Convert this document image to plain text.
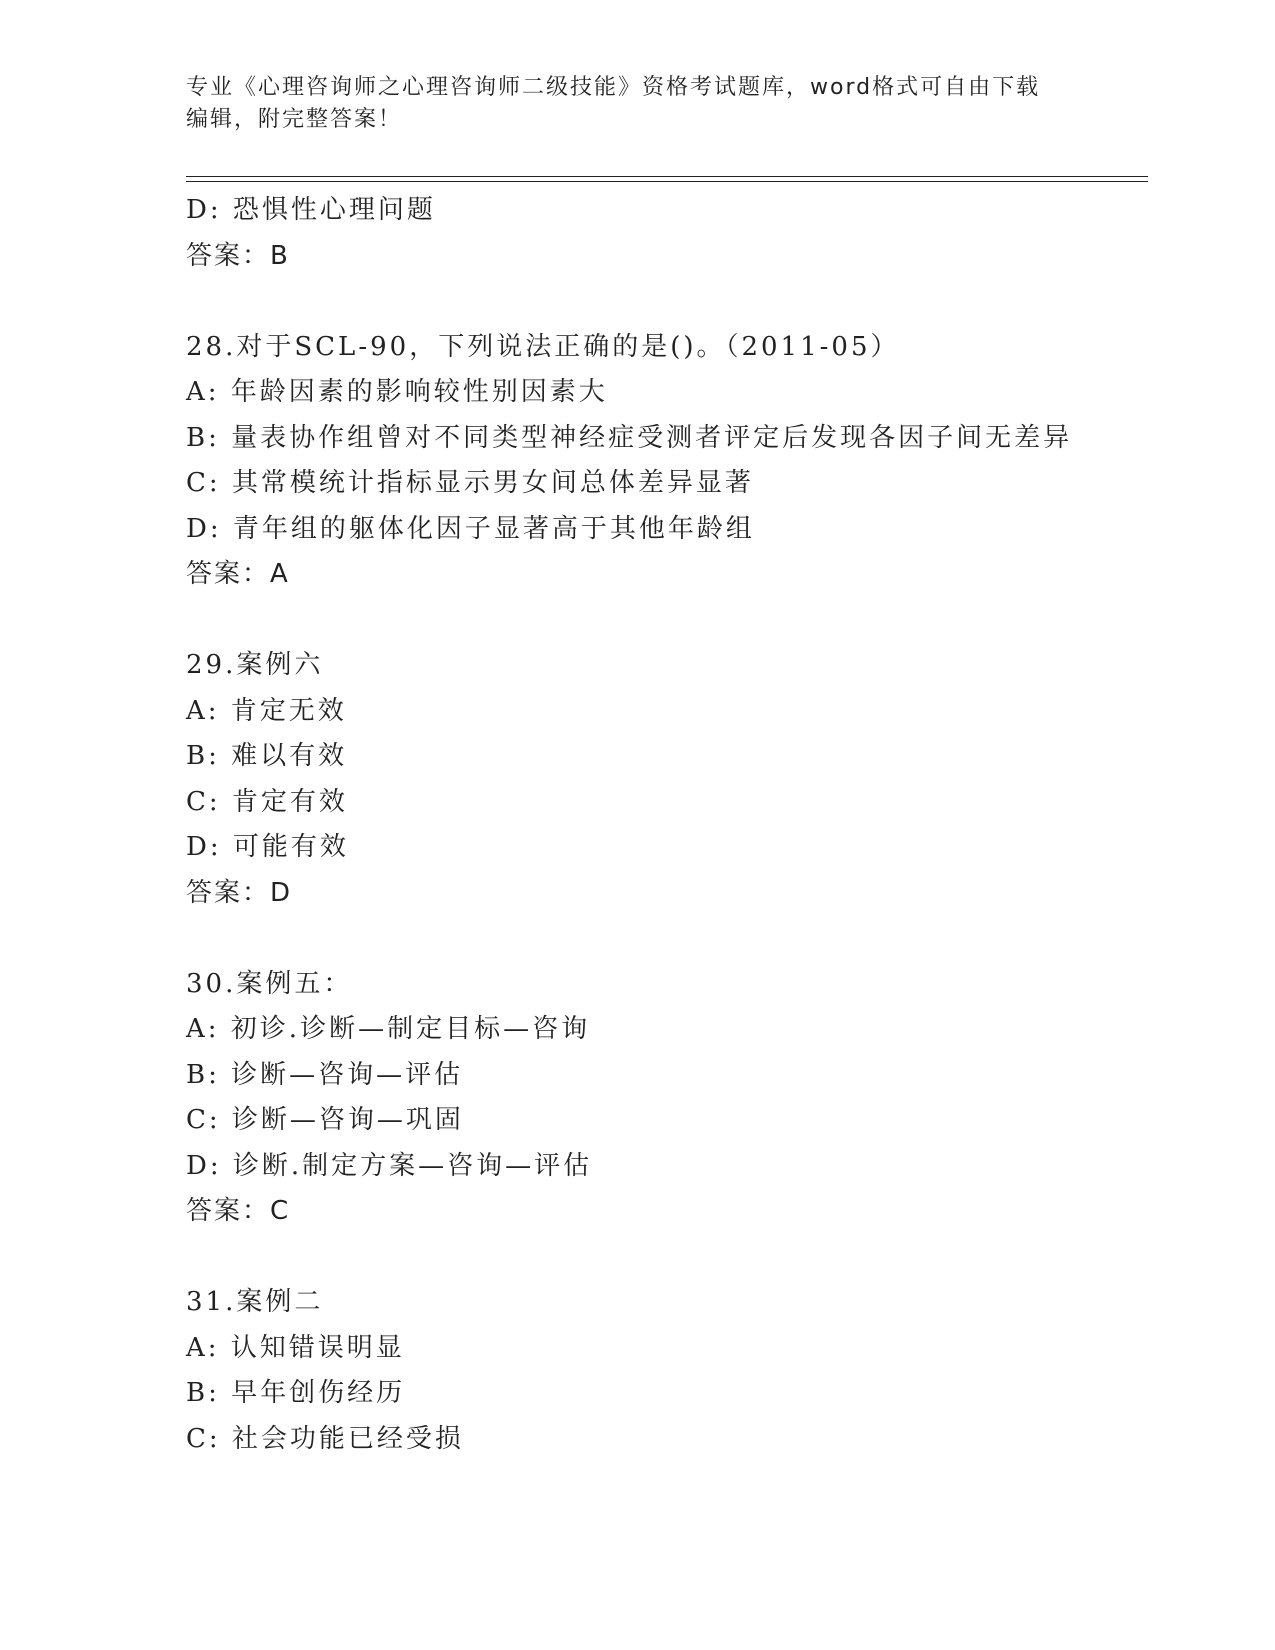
专业《心理咨询师之心理咨询师二级技能》资格考试题库，word格式可自由下载
编辑，附完整答案！
D: 恐惧性心理问题
答案：B
28.对于SCL-90，下列说法正确的是()。（2011-05）
A: 年龄因素的影响较性别因素大
B: 量表协作组曾对不同类型神经症受测者评定后发现各因子间无差异
C: 其常模统计指标显示男女间总体差异显著
D: 青年组的躯体化因子显著高于其他年龄组
答案：A
29.案例六
A: 肯定无效
B: 难以有效
C: 肯定有效
D: 可能有效
答案：D
30.案例五：
A: 初诊.诊断—制定目标—咨询
B: 诊断—咨询—评估
C: 诊断—咨询—巩固
D: 诊断.制定方案—咨询—评估
答案：C
31.案例二
A: 认知错误明显
B: 早年创伤经历
C: 社会功能已经受损
